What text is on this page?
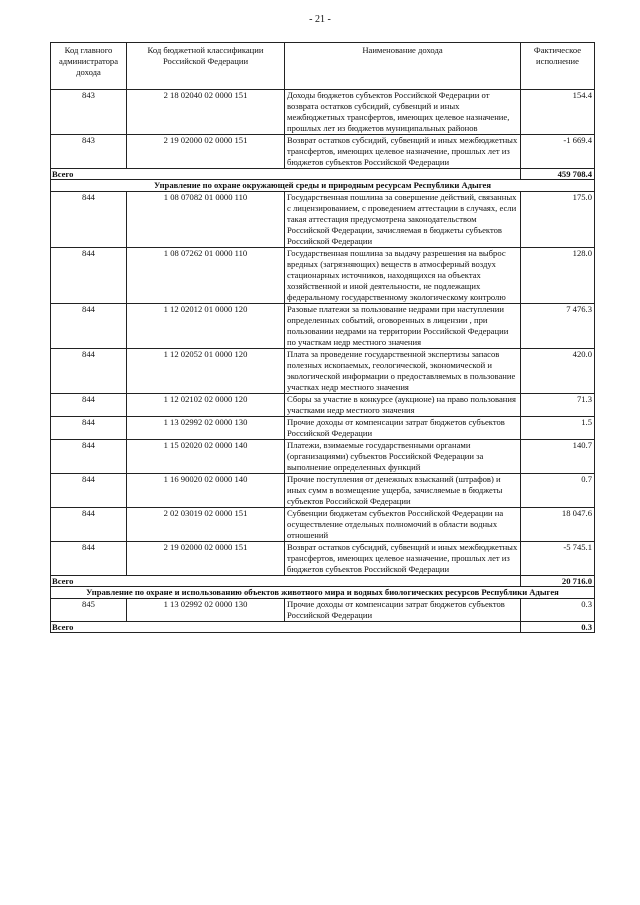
- 21 -
Код главного администратора дохода	Код бюджетной классификации Российской Федерации	Наименование дохода	Фактическое исполнение
843	2 18 02040 02 0000 151	Доходы бюджетов субъектов Российской Федерации от возврата остатков субсидий, субвенций и иных межбюджетных трансфертов, имеющих целевое назначение, прошлых лет из бюджетов муниципальных районов	154.4
843	2 19 02000 02 0000 151	Возврат остатков субсидий, субвенций и иных межбюджетных трансфертов, имеющих целевое назначение, прошлых лет из бюджетов субъектов Российской Федерации	-1 669.4
Всего			459 708.4
Управление по охране окружающей среды и природным ресурсам Республики Адыгея			
844	1 08 07082 01 0000 110	Государственная пошлина за совершение действий, связанных с лицензированием, с проведением аттестации в случаях, если такая аттестация предусмотрена законодательством Российской Федерации, зачисляемая в бюджеты субъектов Российской Федерации	175.0
844	1 08 07262 01 0000 110	Государственная пошлина за выдачу разрешения на выброс вредных (загрязняющих) веществ в атмосферный воздух стационарных источников, находящихся на объектах хозяйственной и иной деятельности, не подлежащих федеральному государственному экологическому контролю	128.0
844	1 12 02012 01 0000 120	Разовые платежи за пользование недрами при наступлении определенных событий, оговоренных в лицензии , при пользовании недрами на территории Российской Федерации по участкам недр местного значения	7 476.3
844	1 12 02052 01 0000 120	Плата за проведение государственной экспертизы запасов полезных ископаемых, геологической, экономической и экологической информации о предоставляемых в пользование участках недр местного значения	420.0
844	1 12 02102 02 0000 120	Сборы за участие в конкурсе (аукционе) на право пользования участками недр местного значения	71.3
844	1 13 02992 02 0000 130	Прочие доходы от компенсации затрат бюджетов субъектов Российской Федерации	1.5
844	1 15 02020 02 0000 140	Платежи, взимаемые государственными органами (организациями) субъектов Российской Федерации за выполнение определенных функций	140.7
844	1 16 90020 02 0000 140	Прочие поступления от денежных взысканий (штрафов) и иных сумм в возмещение ущерба, зачисляемые в бюджеты субъектов Российской Федерации	0.7
844	2 02 03019 02 0000 151	Субвенции бюджетам субъектов Российской Федерации на осуществление отдельных полномочий в области водных отношений	18 047.6
844	2 19 02000 02 0000 151	Возврат остатков субсидий, субвенций и иных межбюджетных трансфертов, имеющих целевое назначение, прошлых лет из бюджетов субъектов Российской Федерации	-5 745.1
Всего			20 716.0
Управление по охране и использованию объектов животного мира и водных биологических ресурсов Республики Адыгея			
845	1 13 02992 02 0000 130	Прочие доходы от компенсации затрат бюджетов субъектов Российской Федерации	0.3
Всего			0.3
